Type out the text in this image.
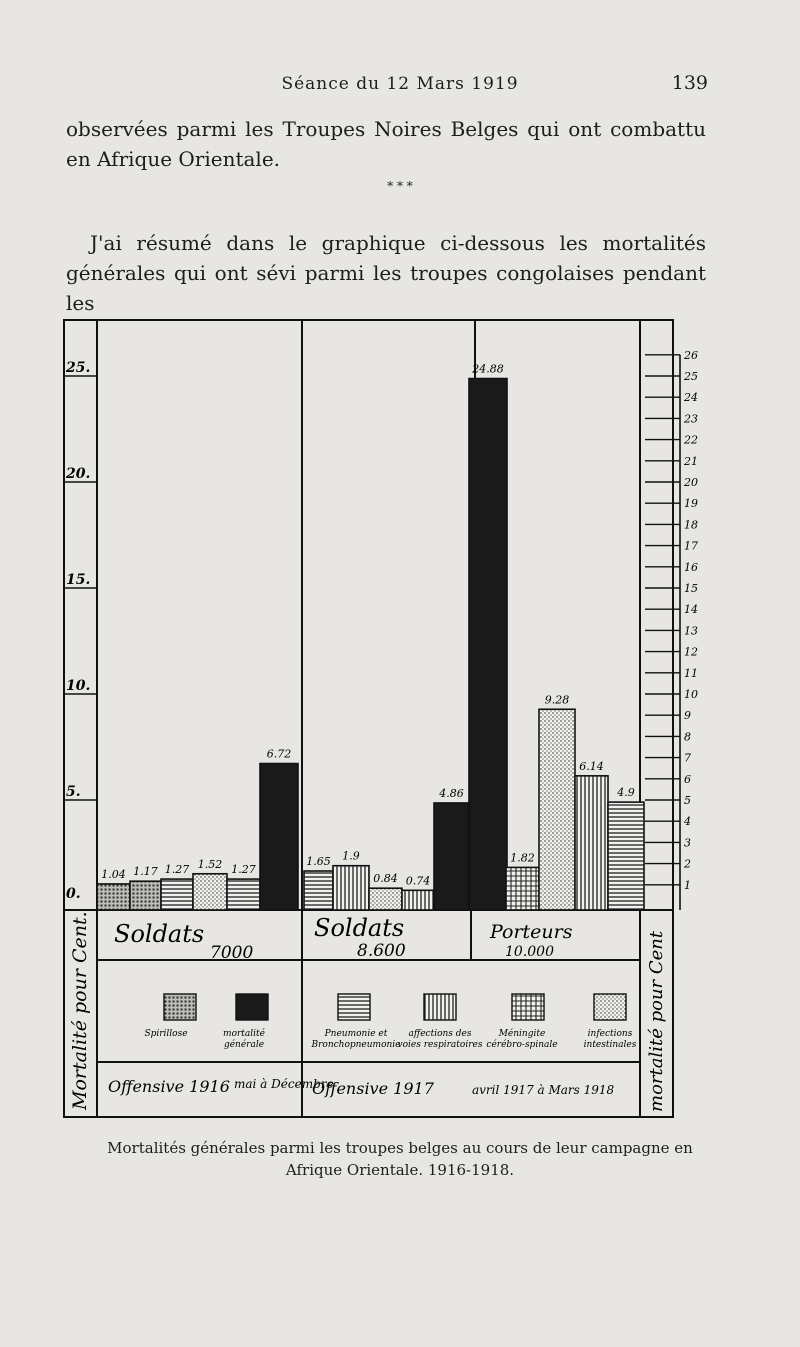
Séance du 12 Mars 1919	139
observées parmi les Troupes Noires Belges qui ont combattu en Afrique Orientale.
* * *
J'ai résumé dans le graphique ci-dessous les mortalités générales qui ont sévi parmi les troupes congolaises pendant les
0.
5.
10.
15.
20.
25.
1
2
3
4
5
6
7
8
9
10
11
12
13
14
15
16
17
18
19
20
21
22
23
24
25
26
1.04 1.17 1.27 1.52 1.27
6.72
1.65 1.9
0.84 0.74
4.86
24.88
1.82
9.28
6.14
4.9
Mortalité pour Cent.	mortalité pour Cent
Soldats
7000
Soldats
8.600
Porteurs
10.000
Spirillose	mortalité générale
Pneumonie et Bronchopneumonie
affections des voies respiratoires
Méningite cérébro-spinale
infections intestinales
Offensive 1916 mai à Décembre
Offensive 1917	avril 1917 à Mars 1918
Mortalités générales parmi les troupes belges au cours de leur campagne en Afrique Orientale. 1916-1918.
